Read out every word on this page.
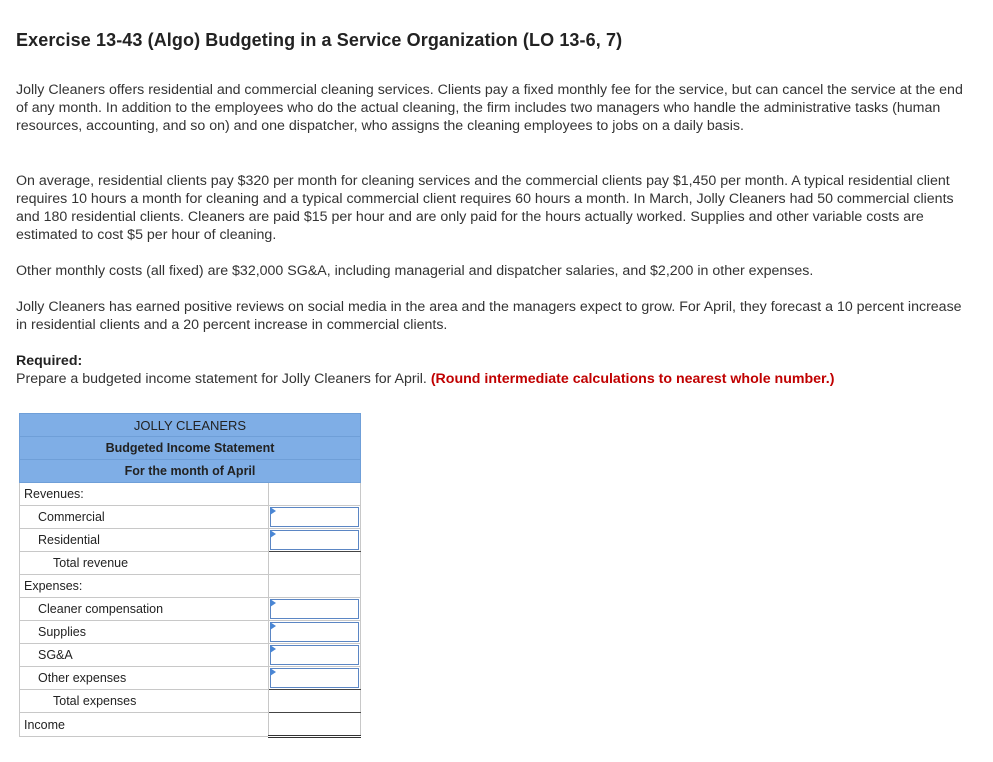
Exercise 13-43 (Algo) Budgeting in a Service Organization (LO 13-6, 7)

Jolly Cleaners offers residential and commercial cleaning services. Clients pay a fixed monthly fee for the service, but can cancel the service at the end of any month. In addition to the employees who do the actual cleaning, the firm includes two managers who handle the administrative tasks (human resources, accounting, and so on) and one dispatcher, who assigns the cleaning employees to jobs on a daily basis.

On average, residential clients pay $320 per month for cleaning services and the commercial clients pay $1,450 per month. A typical residential client requires 10 hours a month for cleaning and a typical commercial client requires 60 hours a month. In March, Jolly Cleaners had 50 commercial clients and 180 residential clients. Cleaners are paid $15 per hour and are only paid for the hours actually worked. Supplies and other variable costs are estimated to cost $5 per hour of cleaning.

Other monthly costs (all fixed) are $32,000 SG&A, including managerial and dispatcher salaries, and $2,200 in other expenses.

Jolly Cleaners has earned positive reviews on social media in the area and the managers expect to grow. For April, they forecast a 10 percent increase in residential clients and a 20 percent increase in commercial clients.

Required:
Prepare a budgeted income statement for Jolly Cleaners for April. (Round intermediate calculations to nearest whole number.)
JOLLY CLEANERS	
Budgeted Income Statement	
For the month of April	
Revenues:	
Commercial	

Residential	

Total revenue	
Expenses:	
Cleaner compensation	

Supplies	

SG&A	

Other expenses	

Total expenses	
Income	
